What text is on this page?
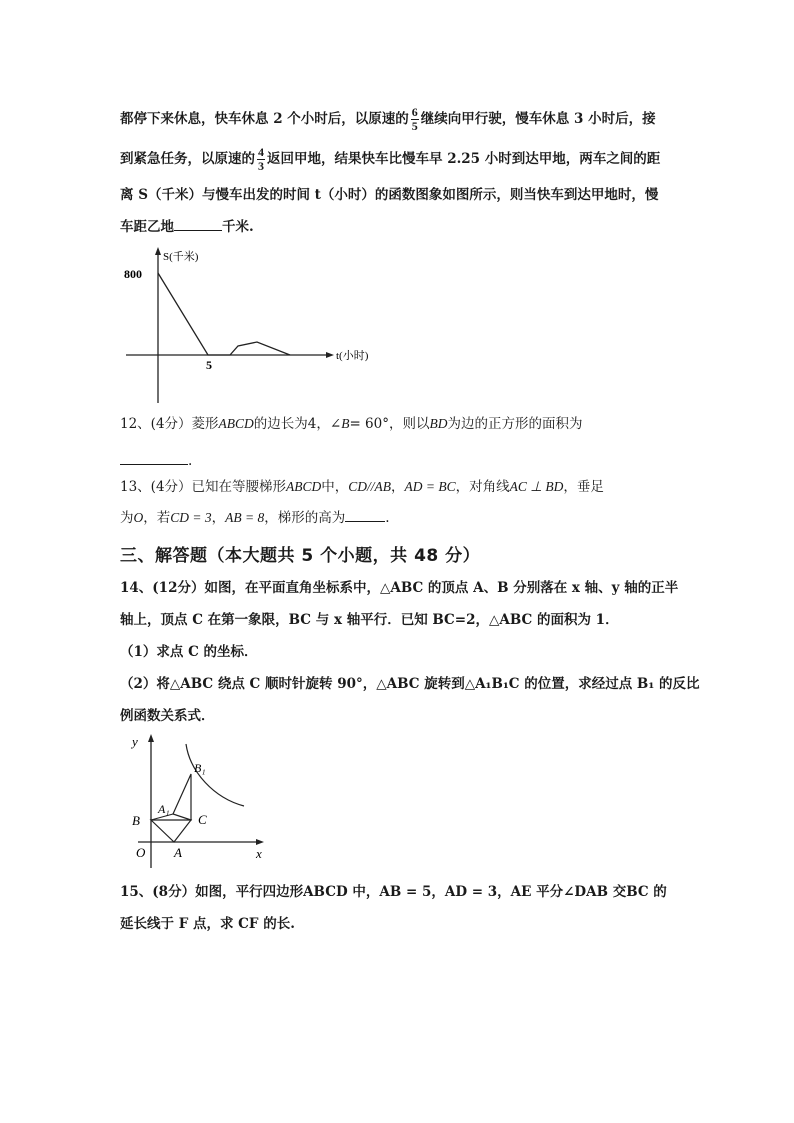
都停下来休息，快车休息 2 个小时后，以原速的 $\frac{6}{5}$ 继续向甲行驶，慢车休息 3 小时后，接
到紧急任务，以原速的 $\frac{4}{3}$ 返回甲地，结果快车比慢车早 2.25 小时到达甲地，两车之间的距
离 S（千米）与慢车出发的时间 t（小时）的函数图象如图所示，则当快车到达甲地时，慢
车距乙地	千米.
S(千米)
800
5
t(小时)
12、(4分）菱形ABCD的边长为4，∠B= 60°，则以BD为边的正方形的面积为
.
13、(4分）已知在等腰梯形ABCD中，CD//AB，AD = BC，对角线AC ⊥ BD，垂足
为O，若CD = 3，AB = 8，梯形的高为	.
三、解答题（本大题共 5 个小题，共 48 分）
14、(12分）如图，在平面直角坐标系中，△ABC 的顶点 A、B 分别落在 x 轴、y 轴的正半
轴上，顶点 C 在第一象限，BC 与 x 轴平行．已知 BC=2，△ABC 的面积为 1．
（1）求点 C 的坐标．
（2）将△ABC 绕点 C 顺时针旋转 90°，△ABC 旋转到△A₁B₁C 的位置，求经过点 B₁ 的反比
例函数关系式．
y
x
O A
B	C
A₁
B₁
15、(8分）如图，平行四边形ABCD 中，AB = 5，AD = 3，AE 平分∠DAB 交BC 的
延长线于 F 点，求 CF 的长.
